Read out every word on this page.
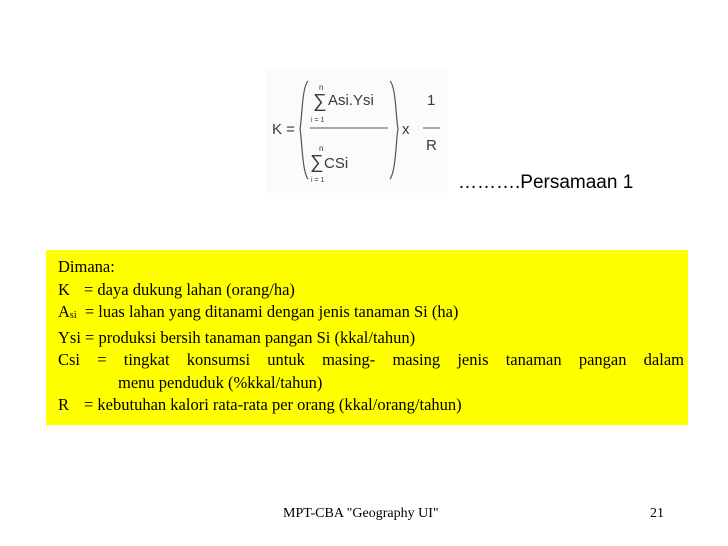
K =
n
∑ Asi.Ysi
i = 1
n
∑ CSi
i = 1
x
1
R
……….Persamaan 1
Dimana:
K = daya dukung lahan (orang/ha)
Asi = luas lahan yang ditanami dengan jenis tanaman Si (ha)
Ysi = produksi bersih tanaman pangan Si (kkal/tahun)
Csi = tingkat konsumsi untuk masing- masing jenis tanaman pangan dalam
menu penduduk (%kkal/tahun)
R = kebutuhan kalori rata-rata per orang (kkal/orang/tahun)
MPT-CBA "Geography UI"	21
